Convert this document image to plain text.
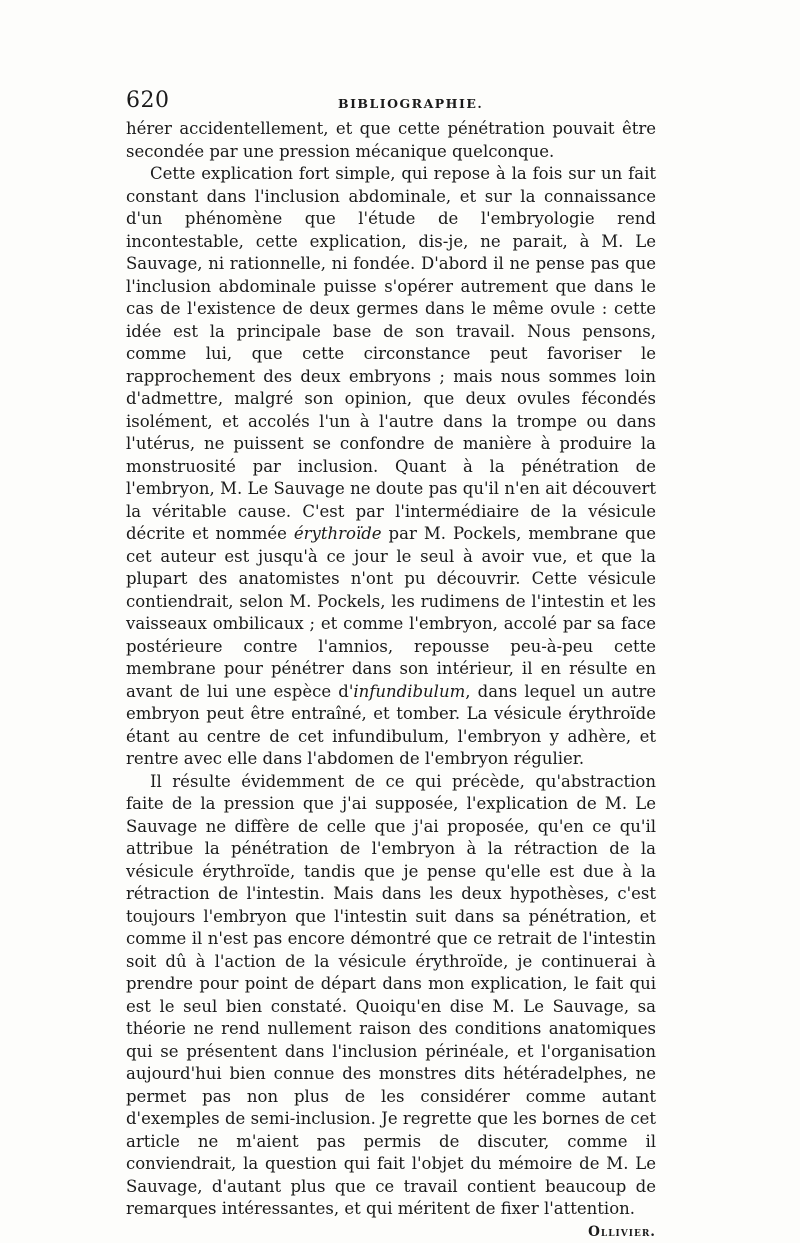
620	BIBLIOGRAPHIE.

hérer accidentellement, et que cette pénétration pouvait être secondée par une pression mécanique quelconque.

Cette explication fort simple, qui repose à la fois sur un fait constant dans l'inclusion abdominale, et sur la connaissance d'un phénomène que l'étude de l'embryologie rend incontestable, cette explication, dis-je, ne parait, à M. Le Sauvage, ni rationnelle, ni fondée. D'abord il ne pense pas que l'inclusion abdominale puisse s'opérer autrement que dans le cas de l'existence de deux germes dans le même ovule : cette idée est la principale base de son travail. Nous pensons, comme lui, que cette circonstance peut favoriser le rapprochement des deux embryons ; mais nous sommes loin d'admettre, malgré son opinion, que deux ovules fécondés isolément, et accolés l'un à l'autre dans la trompe ou dans l'utérus, ne puissent se confondre de manière à produire la monstruosité par inclusion. Quant à la pénétration de l'embryon, M. Le Sauvage ne doute pas qu'il n'en ait découvert la véritable cause. C'est par l'intermédiaire de la vésicule décrite et nommée érythroïde par M. Pockels, membrane que cet auteur est jusqu'à ce jour le seul à avoir vue, et que la plupart des anatomistes n'ont pu découvrir. Cette vésicule contiendrait, selon M. Pockels, les rudimens de l'intestin et les vaisseaux ombilicaux ; et comme l'embryon, accolé par sa face postérieure contre l'amnios, repousse peu-à-peu cette membrane pour pénétrer dans son intérieur, il en résulte en avant de lui une espèce d'infundibulum, dans lequel un autre embryon peut être entraîné, et tomber. La vésicule érythroïde étant au centre de cet infundibulum, l'embryon y adhère, et rentre avec elle dans l'abdomen de l'embryon régulier.

Il résulte évidemment de ce qui précède, qu'abstraction faite de la pression que j'ai supposée, l'explication de M. Le Sauvage ne diffère de celle que j'ai proposée, qu'en ce qu'il attribue la pénétration de l'embryon à la rétraction de la vésicule érythroïde, tandis que je pense qu'elle est due à la rétraction de l'intestin. Mais dans les deux hypothèses, c'est toujours l'embryon que l'intestin suit dans sa pénétration, et comme il n'est pas encore démontré que ce retrait de l'intestin soit dû à l'action de la vésicule érythroïde, je continuerai à prendre pour point de départ dans mon explication, le fait qui est le seul bien constaté. Quoiqu'en dise M. Le Sauvage, sa théorie ne rend nullement raison des conditions anatomiques qui se présentent dans l'inclusion périnéale, et l'organisation aujourd'hui bien connue des monstres dits hétéradelphes, ne permet pas non plus de les considérer comme autant d'exemples de semi-inclusion. Je regrette que les bornes de cet article ne m'aient pas permis de discuter, comme il conviendrait, la question qui fait l'objet du mémoire de M. Le Sauvage, d'autant plus que ce travail contient beaucoup de remarques intéressantes, et qui méritent de fixer l'attention.
Ollivier.
